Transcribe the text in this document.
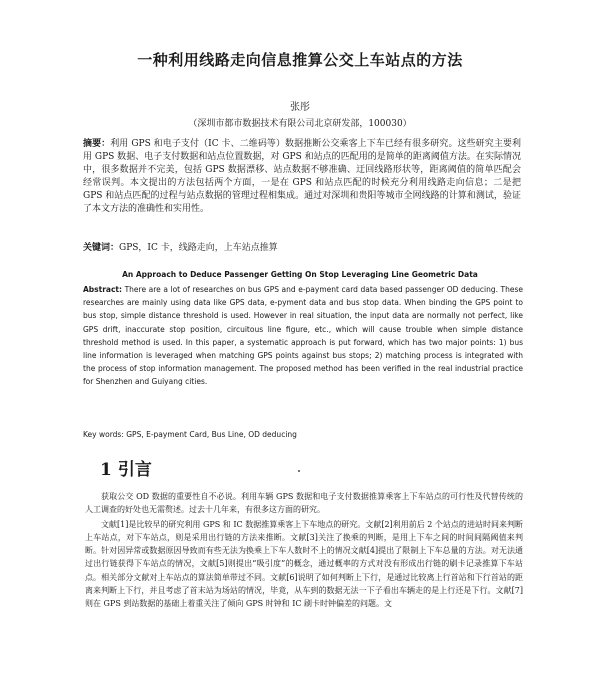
一种利用线路走向信息推算公交上车站点的方法
张彤
（深圳市都市数据技术有限公司北京研发部，100030）
摘要：利用 GPS 和电子支付（IC 卡、二维码等）数据推断公交乘客上下车已经有很多研究。这些研究主要利用 GPS 数据、电子支付数据和站点位置数据，对 GPS 和站点的匹配用的是简单的距离阈值方法。在实际情况中，很多数据并不完美，包括 GPS 数据漂移、站点数据不够准确、迂回线路形状等，距离阈值的简单匹配会经常误判。本文提出的方法包括两个方面，一是在 GPS 和站点匹配的时候充分利用线路走向信息；二是把 GPS 和站点匹配的过程与站点数据的管理过程相集成。通过对深圳和贵阳等城市全网线路的计算和测试，验证了本文方法的准确性和实用性。
关键词：GPS，IC 卡，线路走向，上车站点推算
An Approach to Deduce Passenger Getting On Stop Leveraging Line Geometric Data
Abstract: There are a lot of researches on bus GPS and e-payment card data based passenger OD deducing. These researches are mainly using data like GPS data, e-pyment data and bus stop data. When binding the GPS point to bus stop, simple distance threshold is used. However in real situation, the input data are normally not perfect, like GPS drift, inaccurate stop position, circuitous line figure, etc., which will cause trouble when simple distance threshold method is used. In this paper, a systematic approach is put forward, which has two major points: 1) bus line information is leveraged when matching GPS points against bus stops; 2) matching process is integrated with the process of stop information management. The proposed method has been verified in the real industrial practice for Shenzhen and Guiyang cities.
Key words: GPS, E-payment Card, Bus Line, OD deducing
1 引言

获取公交 OD 数据的重要性自不必说。利用车辆 GPS 数据和电子支付数据推算乘客上下车站点的可行性及代替传统的人工调查的好处也无需赘述。过去十几年来，有很多这方面的研究。

文献[1]是比较早的研究利用 GPS 和 IC 数据推算乘客上下车地点的研究。文献[2]利用前后 2 个站点的进站时间来判断上车站点，对下车站点，则是采用出行链的方法来推断。文献[3]关注了换乘的判断，是用上下车之间的时间间隔阈值来判断。针对因异常或数据原因导致而有些无法为换乘上下车人数时不上的情况文献[4]提出了限制上下车总量的方法。对无法通过出行链获得下车站点的情况，文献[5]则提出“吸引度”的概念，通过概率的方式对没有形成出行链的刷卡记录推算下车站点。相关部分文献对上车站点的算法简单带过不同。文献[6]说明了如何判断上下行，是通过比较离上行首站和下行首站的距离来判断上下行，并且考虑了首末站为场站的情况，毕竟，从车到的数据无法一下子看出车辆走的是上行还是下行。文献[7]则在 GPS 到站数据的基础上着重关注了倾向 GPS 时钟和 IC 刷卡时钟偏差的问题。文
